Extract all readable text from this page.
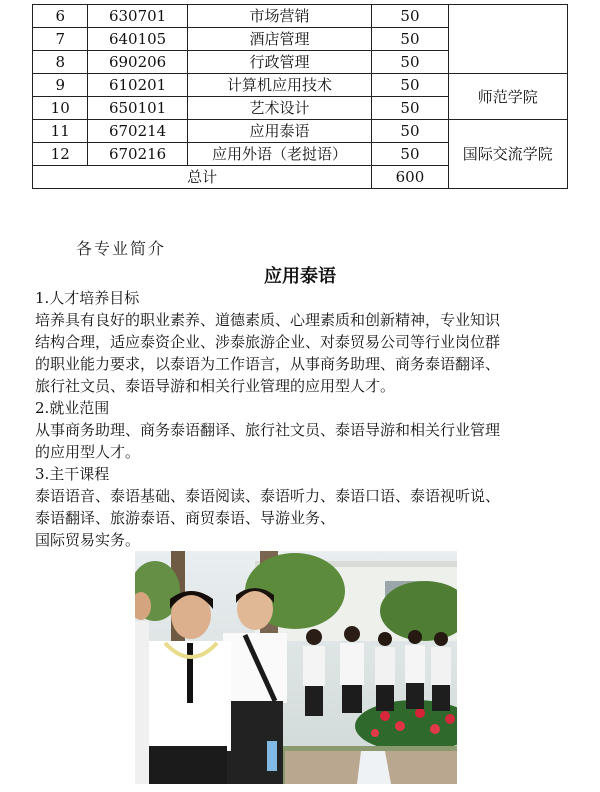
6	630701	市场营销	50	
7	640105	酒店管理	50	
8	690206	行政管理	50	
9	610201	计算机应用技术	50	师范学院
10	650101	艺术设计	50	
11	670214	应用泰语	50	国际交流学院
12	670216	应用外语（老挝语）	50	
总计			600	
各专业简介
应用泰语
1.人才培养目标
培养具有良好的职业素养、道德素质、心理素质和创新精神，专业知识
结构合理，适应泰资企业、涉泰旅游企业、对泰贸易公司等行业岗位群
的职业能力要求，以泰语为工作语言，从事商务助理、商务泰语翻译、
旅行社文员、泰语导游和相关行业管理的应用型人才。
2.就业范围
从事商务助理、商务泰语翻译、旅行社文员、泰语导游和相关行业管理
的应用型人才。
3.主干课程
泰语语音、泰语基础、泰语阅读、泰语听力、泰语口语、泰语视听说、
泰语翻译、旅游泰语、商贸泰语、导游业务、
国际贸易实务。
